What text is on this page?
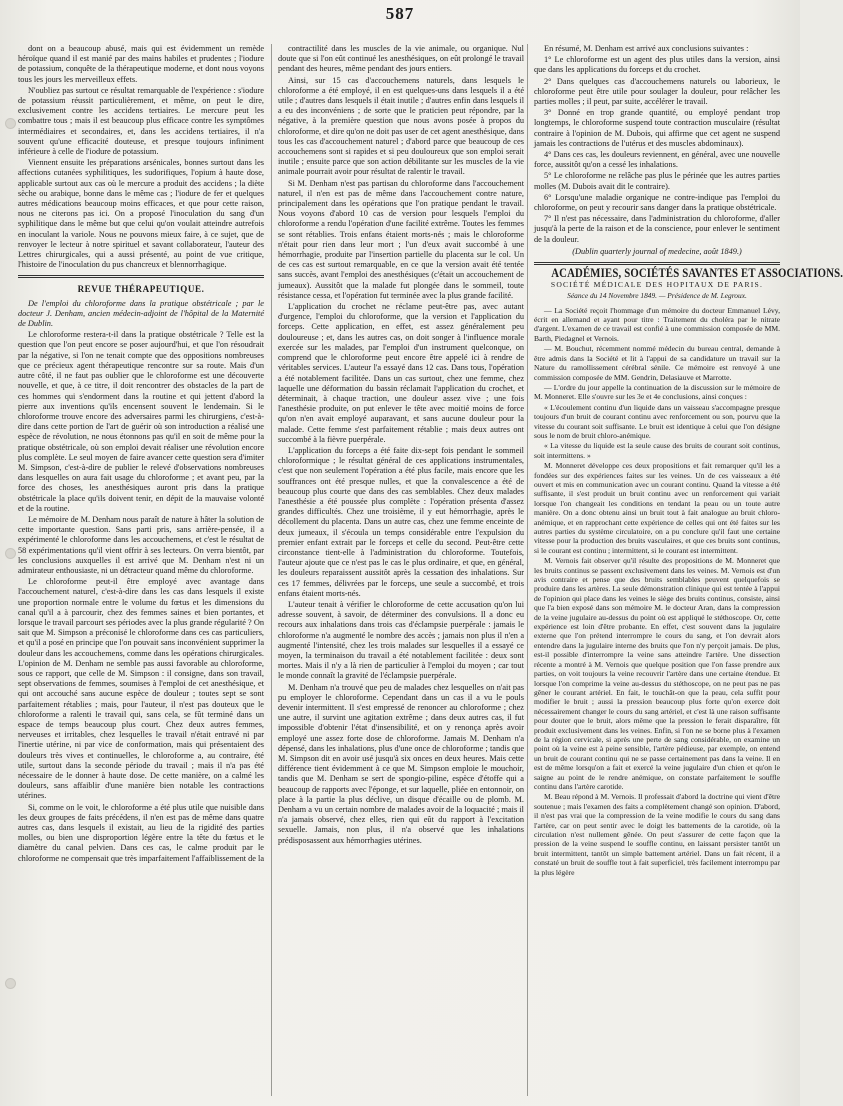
587

dont on a beaucoup abusé, mais qui est évidemment un remède héroïque quand il est manié par des mains habiles et prudentes ; l'iodure de potassium, conquête de la thérapeutique moderne, et dont nous voyons tous les jours les merveilleux effets.

N'oubliez pas surtout ce résultat remarquable de l'expérience : s'iodure de potassium réussit particulièrement, et même, on peut le dire, exclusivement contre les accidens tertiaires. Le mercure peut les combattre tous ; mais il est beaucoup plus efficace contre les symptômes intermédiaires et secondaires, et, dans les accidens tertiaires, il n'a souvent qu'une efficacité douteuse, et presque toujours infiniment inférieure à celle de l'iodure de potassium.

Viennent ensuite les préparations arsénicales, bonnes surtout dans les affections cutanées syphilitiques, les sudorifiques, l'opium à haute dose, applicable surtout aux cas où le mercure a produit des accidens ; la diète sèche ou arabique, bonne dans le même cas ; l'iodure de fer et quelques autres médications beaucoup moins efficaces, et que pour cette raison, nous ne citerons pas ici. On a proposé l'inoculation du sang d'un syphilitique dans le même but que celui qu'on voulait atteindre autrefois en inoculant la variole. Nous ne pouvons mieux faire, à ce sujet, que de renvoyer le lecteur à notre spirituel et savant collaborateur, l'auteur des Lettres chirurgicales, qui a aussi présenté, au point de vue critique, l'histoire de l'inoculation du pus chancreux et blennorrhagique.

REVUE THÉRAPEUTIQUE.

De l'emploi du chloroforme dans la pratique obstétricale ; par le docteur J. Denham, ancien médecin-adjoint de l'hôpital de la Maternité de Dublin.

Le chloroforme restera-t-il dans la pratique obstétricale ? Telle est la question que l'on peut encore se poser aujourd'hui, et que l'on résoudrait par la négative, si l'on ne tenait compte que des oppositions nombreuses que ce précieux agent thérapeutique rencontre sur sa route. Mais d'un autre côté, il ne faut pas oublier que le chloroforme est une découverte nouvelle, et que, à ce titre, il doit rencontrer des obstacles de la part de ces hommes qui s'endorment dans la routine et qui jettent d'abord la pierre aux inventions qu'ils encensent souvent le lendemain. Si le chloroforme trouve encore des adversaires parmi les chirurgiens, c'est-à-dire dans cette portion de l'art de guérir où son introduction a réalisé une espèce de révolution, ne nous étonnons pas qu'il en soit de même pour la pratique obstétricale, où son emploi devait réaliser une révolution encore plus complète. Le seul moyen de faire avancer cette question sera d'imiter M. Simpson, c'est-à-dire de publier le relevé d'observations nombreuses dans lesquelles on aura fait usage du chloroforme ; et avant peu, par la force des choses, les anesthésiques auront pris dans la pratique obstétricale la place qu'ils doivent tenir, en dépit de la mauvaise volonté et de la routine.

Le mémoire de M. Denham nous paraît de nature à hâter la solution de cette importante question. Sans parti pris, sans arrière-pensée, il a expérimenté le chloroforme dans les accouchemens, et c'est le résultat de 58 expérimentations qu'il vient offrir à ses lecteurs. On verra bientôt, par les conclusions auxquelles il est arrivé que M. Denham n'est ni un admirateur enthousiaste, ni un détracteur quand même du chloroforme.

Le chloroforme peut-il être employé avec avantage dans l'accouchement naturel, c'est-à-dire dans les cas dans lesquels il existe une proportion normale entre le volume du fœtus et les dimensions du canal qu'il a à parcourir, chez des femmes saines et bien portantes, et lorsque le travail parcourt ses périodes avec la plus grande régularité ? On sait que M. Simpson a préconisé le chloroforme dans ces cas particuliers, et qu'il a posé en principe que l'on pouvait sans inconvénient supprimer la douleur dans les accouchemens, comme dans les opérations chirurgicales. L'opinion de M. Denham ne semble pas aussi favorable au chloroforme, sous ce rapport, que celle de M. Simpson : il consigne, dans son travail, sept observations de femmes, soumises à l'emploi de cet anesthésique, et qui ont accouché sans aucune espèce de douleur ; toutes sept se sont parfaitement rétablies ; mais, pour l'auteur, il n'est pas douteux que le chloroforme a ralenti le travail qui, sans cela, se fût terminé dans un espace de temps beaucoup plus court. Chez deux autres femmes, nerveuses et irritables, chez lesquelles le travail n'était entravé ni par l'inertie utérine, ni par vice de conformation, mais qui présentaient des douleurs très vives et continuelles, le chloroforme a, au contraire, été utile, surtout dans la seconde période du travail ; mais il n'a pas été nécessaire de le donner à haute dose. De cette manière, on a calmé les douleurs, sans affaiblir d'une manière bien notable les contractions utérines.

Si, comme on le voit, le chloroforme a été plus utile que nuisible dans les deux groupes de faits précédens, il n'en est pas de même dans quatre autres cas, dans lesquels il existait, au lieu de la rigidité des parties molles, ou bien une disproportion légère entre la tête du fœtus et le diamètre du canal pelvien. Dans ces cas, le calme produit par le chloroforme ne compensait que très imparfaitement l'affaiblissement de la

contractilité dans les muscles de la vie animale, ou organique. Nul doute que si l'on eût continué les anesthésiques, on eût prolongé le travail pendant des heures, même pendant des jours entiers.

Ainsi, sur 15 cas d'accouchemens naturels, dans lesquels le chloroforme a été employé, il en est quelques-uns dans lesquels il a été utile ; d'autres dans lesquels il était inutile ; d'autres enfin dans lesquels il a eu des inconvéniens ; de sorte que le praticien peut répondre, par la négative, à la première question que nous avons posée à propos du chloroforme, et dire qu'on ne doit pas user de cet agent anesthésique, dans tous les cas d'accouchement naturel ; d'abord parce que beaucoup de ces accouchemens sont si rapides et si peu douloureux que son emploi serait inutile ; ensuite parce que son action débilitante sur les muscles de la vie animale pourrait avoir pour résultat de ralentir le travail.

Si M. Denham n'est pas partisan du chloroforme dans l'accouchement naturel, il n'en est pas de même dans l'accouchement contre nature, principalement dans les opérations que l'on pratique pendant le travail. Nous voyons d'abord 10 cas de version pour lesquels l'emploi du chloroforme a rendu l'opération d'une facilité extrême. Toutes les femmes se sont rétablies. Trois enfans étaient morts-nés ; mais le chloroforme n'était pour rien dans leur mort ; l'un d'eux avait succombé à une hémorrhagie, produite par l'insertion partielle du placenta sur le col. Un de ces cas est surtout remarquable, en ce que la version avait été tentée sans succès, avant l'emploi des anesthésiques (c'était un accouchement de jumeaux). Aussitôt que la malade fut plongée dans le sommeil, toute résistance cessa, et l'opération fut terminée avec la plus grande facilité.

L'application du crochet ne réclame peut-être pas, avec autant d'urgence, l'emploi du chloroforme, que la version et l'application du forceps. Cette application, en effet, est assez généralement peu douloureuse ; et, dans les autres cas, on doit songer à l'influence morale exercée sur les malades, par l'emploi d'un instrument quelconque, on comprend que le chloroforme peut encore être appelé ici à rendre de véritables services. L'auteur l'a essayé dans 12 cas. Dans tous, l'opération a été notablement facilitée. Dans un cas surtout, chez une femme, chez laquelle une déformation du bassin réclamait l'application du crochet, et déterminait, à chaque traction, une douleur assez vive ; une fois l'anesthésie produite, on put enlever le tête avec moitié moins de force qu'on n'en avait employé auparavant, et sans aucune douleur pour la malade. Cette femme s'est parfaitement rétablie ; mais deux autres ont succombé à la fièvre puerpérale.

L'application du forceps a été faite dix-sept fois pendant le sommeil chloroformique ; le résultat général de ces applications instrumentales, c'est que non seulement l'opération a été plus facile, mais encore que les souffrances ont été presque nulles, et que la convalescence a été de beaucoup plus courte que dans des cas semblables. Chez deux malades l'anesthésie a été poussée plus complète : l'opération présenta d'assez grandes difficultés. Chez une troisième, il y eut hémorrhagie, après le décollement du placenta. Dans un autre cas, chez une femme enceinte de deux jumeaux, il s'écoula un temps considérable entre l'expulsion du premier enfant extrait par le forceps et celle du second. Peut-être cette circonstance tient-elle à l'administration du chloroforme. Toutefois, l'auteur ajoute que ce n'est pas le cas le plus ordinaire, et que, en général, les douleurs reparaissent aussitôt après la cessation des inhalations. Sur ces 17 femmes, délivrées par le forceps, une seule a succombé, et trois enfans étaient morts-nés.

L'auteur tenait à vérifier le chloroforme de cette accusation qu'on lui adresse souvent, à savoir, de déterminer des convulsions. Il a donc eu recours aux inhalations dans trois cas d'éclampsie puerpérale : jamais le chloroforme n'a augmenté le nombre des accès ; jamais non plus il n'en a augmenté l'intensité, chez les trois malades sur lesquelles il a essayé ce moyen, la terminaison du travail a été notablement facilitée : deux sont mortes. Mais il n'y a là rien de particulier à l'emploi du moyen ; car tout le monde connaît la gravité de l'éclampsie puerpérale.

M. Denham n'a trouvé que peu de malades chez lesquelles on n'ait pas pu employer le chloroforme. Cependant dans un cas il a vu le pouls devenir intermittent. Il s'est empressé de renoncer au chloroforme ; chez une autre, il survint une agitation extrême ; dans deux autres cas, il fut impossible d'obtenir l'état d'insensibilité, et on y renonça après avoir employé une assez forte dose de chloroforme. Jamais M. Denham n'a dépensé, dans les inhalations, plus d'une once de chloroforme ; tandis que M. Simpson dit en avoir usé jusqu'à six onces en deux heures. Mais cette différence tient évidemment à ce que M. Simpson emploie le mouchoir, tandis que M. Denham se sert de spongio-piline, espèce d'étoffe qui a beaucoup de rapports avec l'éponge, et sur laquelle, pliée en entonnoir, on place à la partie la plus déclive, un disque d'écaille ou de plomb. M. Denham a vu un certain nombre de malades avoir de la loquacité ; mais il n'a jamais observé, chez elles, rien qui eût du rapport à l'excitation sexuelle. Jamais, non plus, il n'a observé que les inhalations prédisposassent aux hémorrhagies utérines.

En résumé, M. Denham est arrivé aux conclusions suivantes :

1° Le chloroforme est un agent des plus utiles dans la version, ainsi que dans les applications du forceps et du crochet.

2° Dans quelques cas d'accouchemens naturels ou laborieux, le chloroforme peut être utile pour soulager la douleur, pour relâcher les parties molles ; il peut, par suite, accélérer le travail.

3° Donné en trop grande quantité, ou employé pendant trop longtemps, le chloroforme suspend toute contraction musculaire (résultat contraire à l'opinion de M. Dubois, qui affirme que cet agent ne suspend jamais les contractions de l'utérus et des muscles abdominaux).

4° Dans ces cas, les douleurs reviennent, en général, avec une nouvelle force, aussitôt qu'on a cessé les inhalations.

5° Le chloroforme ne relâche pas plus le périnée que les autres parties molles (M. Dubois avait dit le contraire).

6° Lorsqu'une maladie organique ne contre-indique pas l'emploi du chloroforme, on peut y recourir sans danger dans la pratique obstétricale.

7° Il n'est pas nécessaire, dans l'administration du chloroforme, d'aller jusqu'à la perte de la raison et de la conscience, pour enlever le sentiment de la douleur.

(Dublin quarterly journal of medecine, août 1849.)
ACADÉMIES, SOCIÉTÉS SAVANTES ET ASSOCIATIONS.
SOCIÉTÉ MÉDICALE DES HOPITAUX DE PARIS.
Séance du 14 Novembre 1849. — Présidence de M. Legroux.

— La Société reçoit l'hommage d'un mémoire du docteur Emmanuel Lévy, écrit en allemand et ayant pour titre : Traitement du choléra par le nitrate d'argent. L'examen de ce travail est confié à une commission composée de MM. Barth, Piedagnel et Vernois.

— M. Bouchut, récemment nommé médecin du bureau central, demande à être admis dans la Société et lit à l'appui de sa candidature un travail sur la Nature du ramollissement cérébral sénile. Ce mémoire est renvoyé à une commission composée de MM. Gendrin, Delasiauve et Marrotte.

— L'ordre du jour appelle la continuation de la discussion sur le mémoire de M. Monneret. Elle s'ouvre sur les 3e et 4e conclusions, ainsi conçues :

« L'écoulement continu d'un liquide dans un vaisseau s'accompagne presque toujours d'un bruit de courant continu avec renforcement ou son, pourvu que la vitesse du courant soit suffisante. Le bruit est identique à celui que l'on désigne sous le nom de bruit chloro-anémique.

« La vitesse du liquide est la seule cause des bruits de courant soit continus, soit intermittens. »

M. Monneret développe ces deux propositions et fait remarquer qu'il les a fondées sur des expériences faites sur les veines. Un de ces vaisseaux a été ouvert et mis en communication avec un courant continu. Quand la vitesse a été suffisante, il s'est produit un bruit continu avec un renforcement qui variait lorsque l'on changeait les conditions en tendant la peau ou un toute autre manière. On a donc obtenu ainsi un bruit tout à fait analogue au bruit chloro-anémique, et en rapprochant cette expérience de celles qui ont été faites sur les autres parties du système circulatoire, on a pu conclure qu'il faut une certaine vitesse pour la production des bruits vasculaires, et que ces bruits sont continus, si le courant est continu ; intermittent, si le courant est intermittent.

M. Vernois fait observer qu'il résulte des propositions de M. Monneret que les bruits continus se passent exclusivement dans les veines. M. Vernois est d'un avis contraire et pense que des bruits semblables peuvent quelquefois se produire dans les artères. La seule démonstration clinique qui est tentée à l'appui de l'opinion qui place dans les veines le siège des bruits continus, consiste, ainsi que l'a bien exposé dans son mémoire M. le docteur Aran, dans la compression de la veine jugulaire au-dessus du point où est appliqué le stéthoscope. Or, cette expérience est loin d'être probante. En effet, c'est souvent dans la jugulaire externe que l'on prétend interrompre le cours du sang, et l'on devrait alors entendre dans la jugulaire interne des bruits que l'on n'y perçoit jamais. De plus, est-il possible d'interrompre la veine sans atteindre l'artère. Une dissection récente a montré à M. Vernois que quelque position que l'on fasse prendre aux parties, on voit toujours la veine recouvrir l'artère dans une certaine étendue. Et lorsque l'on comprime la veine au-dessus du stéthoscope, on ne peut pas ne pas gêner le courant artériel. En fait, le touchât-on que la peau, cela suffit pour modifier le bruit ; aussi la pression beaucoup plus forte qu'on exerce doit nécessairement changer le cours du sang artériel, et c'est là une raison suffisante pour douter que le bruit, alors même que la pression le ferait disparaître, fût produit exclusivement dans les veines. Enfin, si l'on ne se borne plus à l'examen de la région cervicale, si après une perte de sang considérable, on examine un point où la veine est à peine sensible, l'artère pédieuse, par exemple, on entend un bruit de courant continu qui ne se passe certainement pas dans la veine. Il en est de même lorsqu'on a fait et exercé la veine jugulaire d'un chien et qu'on le saigne au point de le rendre anémique, on constate parfaitement le souffle continu dans l'artère carotide.

M. Beau répond à M. Vernois. Il professait d'abord la doctrine qui vient d'être soutenue ; mais l'examen des faits a complètement changé son opinion. D'abord, il n'est pas vrai que la compression de la veine modifie le cours du sang dans l'artère, car on peut sentir avec le doigt les battements de la carotide, où la circulation n'est nullement gênée. On peut s'assurer de cette façon que la pression de la veine suspend le souffle continu, en laissant persister tantôt un bruit intermittent, tantôt un simple battement artériel. Dans un fait récent, il a constaté un bruit de souffle tout à fait superficiel, très facilement interrompu par la plus légère
